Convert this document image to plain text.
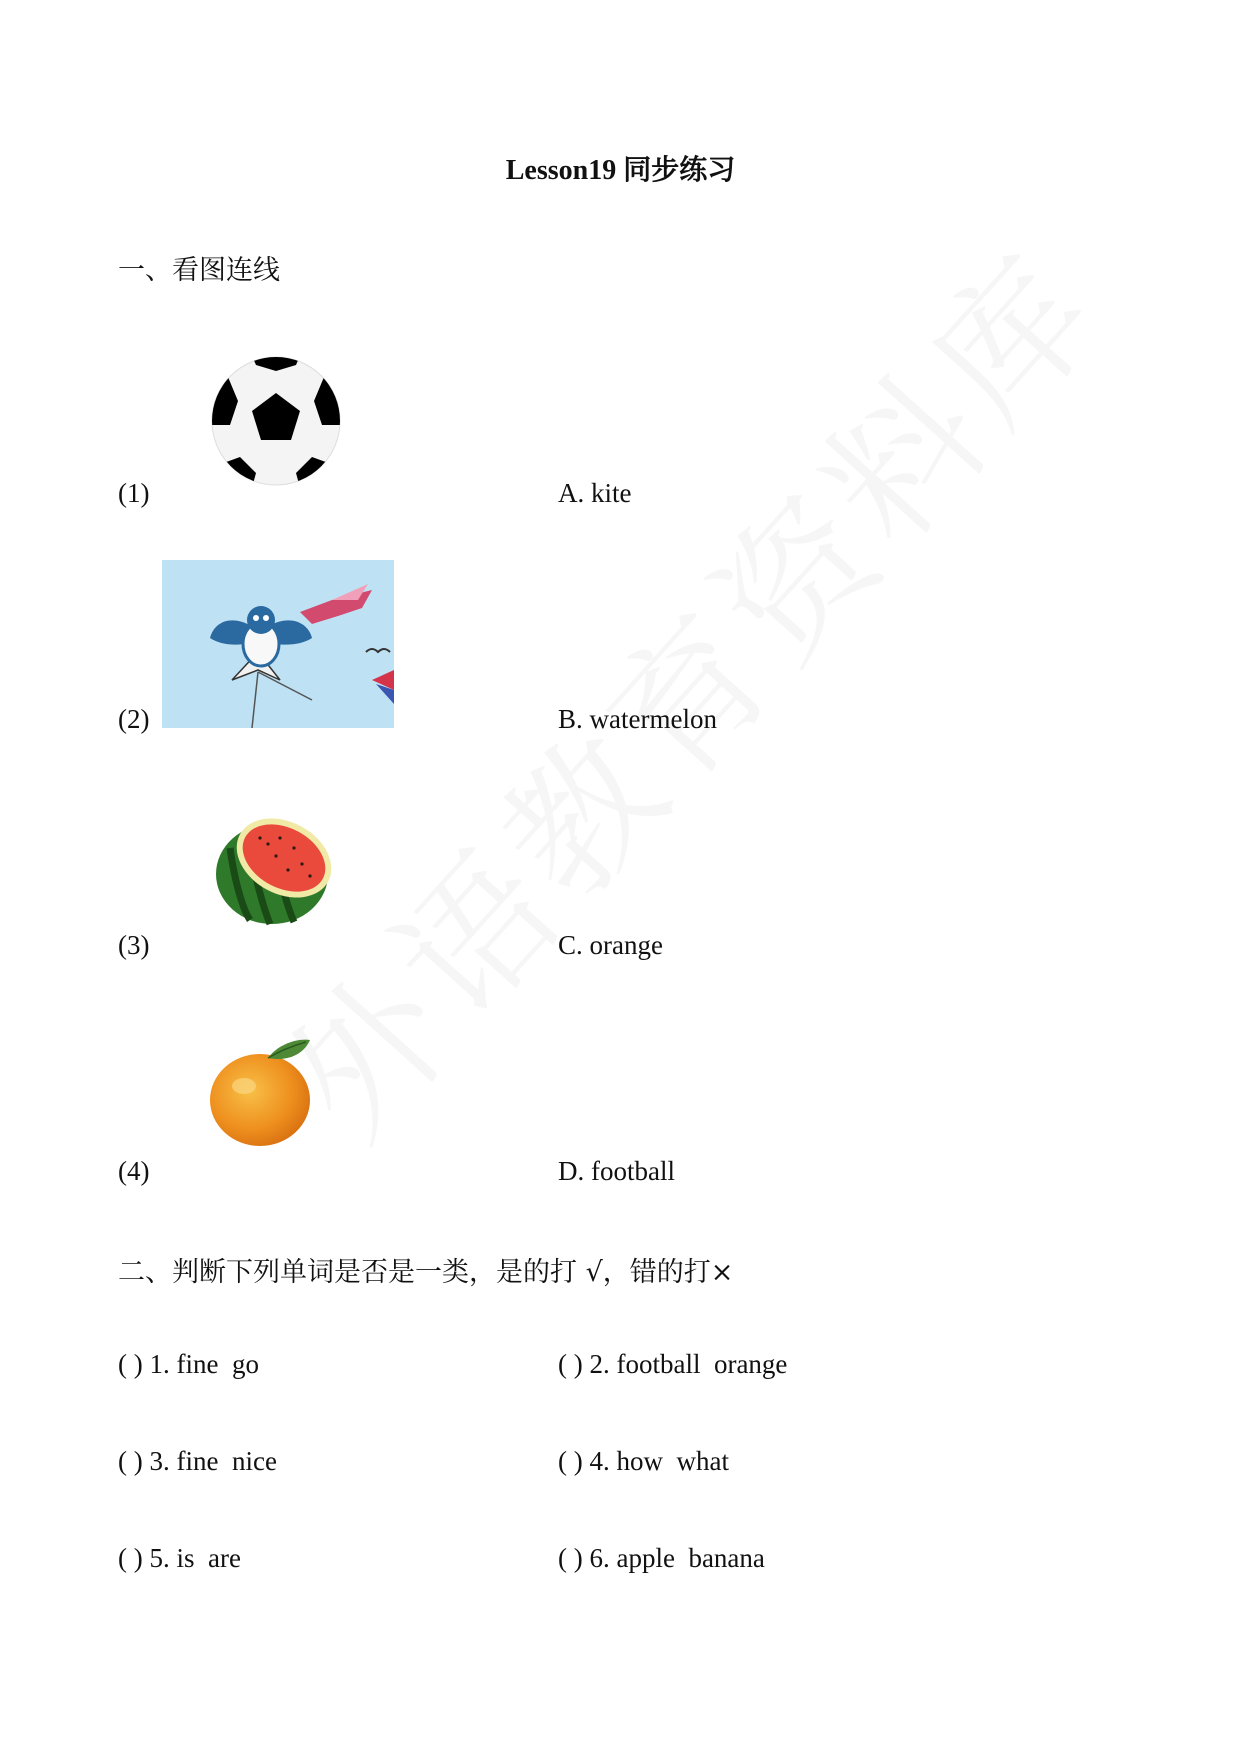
Lesson19 同步练习
一、看图连线
(1)	A. kite
(2)	B. watermelon
(3)	C. orange
(4)	D. football
二、判断下列单词是否是一类，是的打 √，错的打×
( ) 1. fine  go	( ) 2. football  orange
( ) 3. fine  nice	( ) 4. how  what
( ) 5. is  are	( ) 6. apple  banana
